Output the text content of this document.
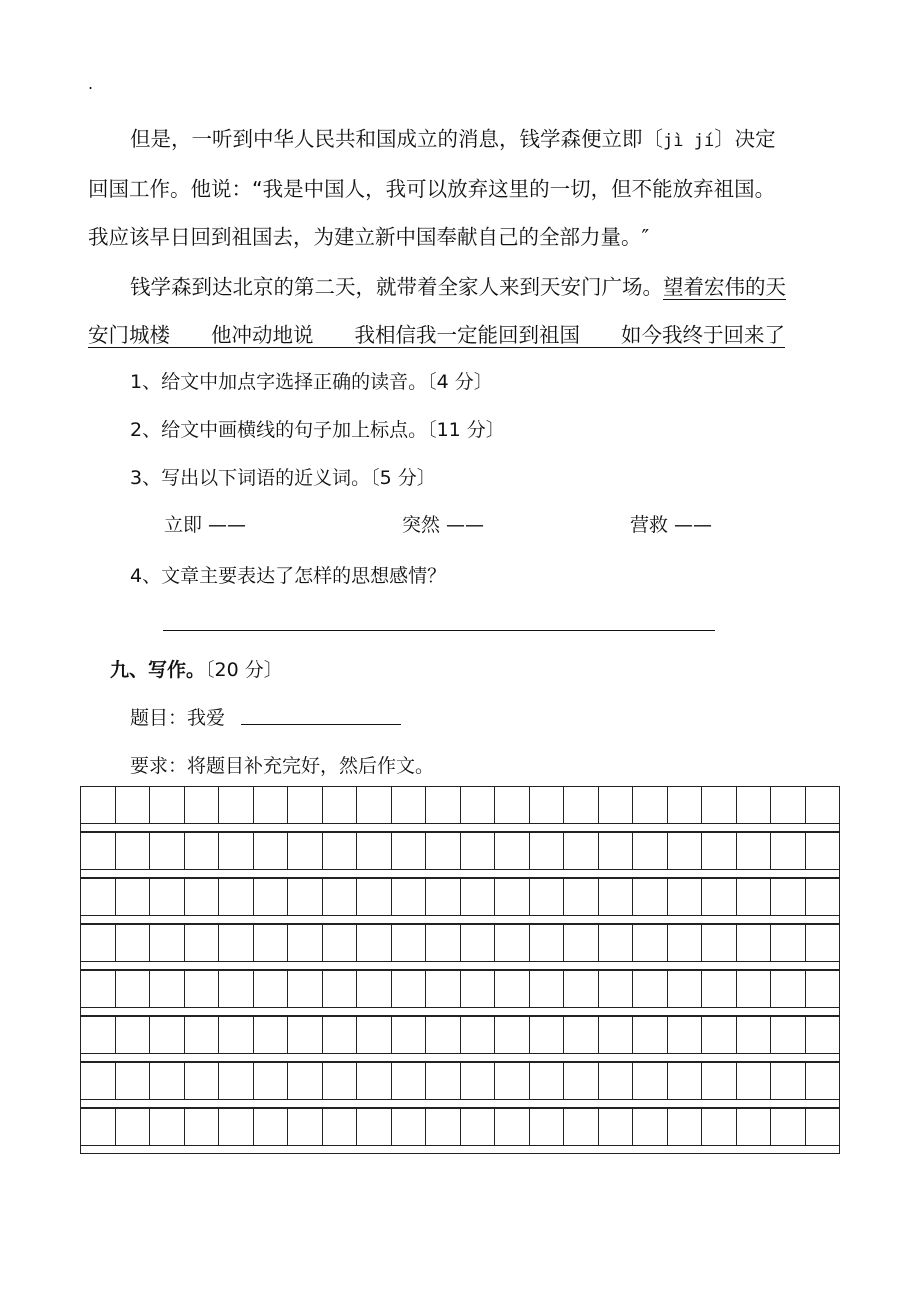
.
但是，一听到中华人民共和国成立的消息，钱学森便立即〔jì jí〕决定
回国工作。他说：“我是中国人，我可以放弃这里的一切，但不能放弃祖国。
我应该早日回到祖国去，为建立新中国奉献自己的全部力量。″
钱学森到达北京的第二天，就带着全家人来到天安门广场。望着宏伟的天
安门城楼　　他冲动地说　　我相信我一定能回到祖国　　如今我终于回来了
1、给文中加点字选择正确的读音。〔4 分〕
2、给文中画横线的句子加上标点。〔11 分〕
3、写出以下词语的近义词。〔5 分〕
立即 ——	突然 ——	营救 ——
4、文章主要表达了怎样的思想感情？
九、写作。〔20 分〕
题目：我爱
要求：将题目补充完好，然后作文。
